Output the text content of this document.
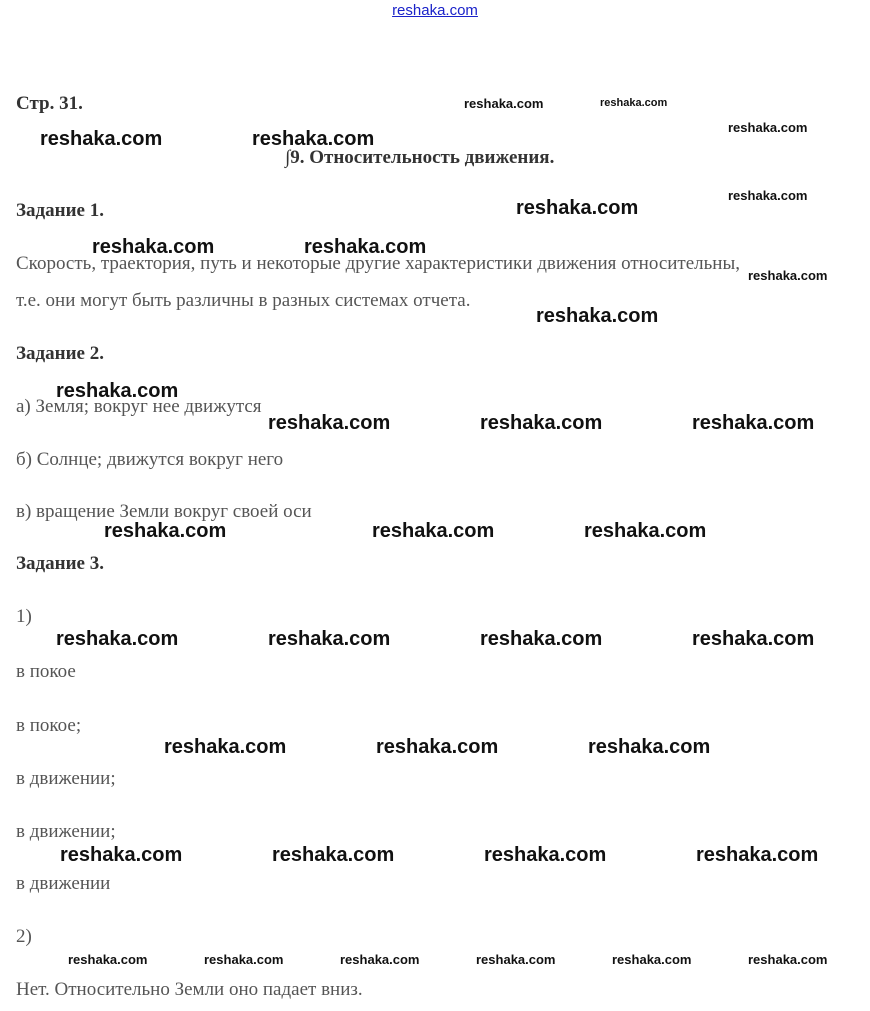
reshaka.com
Стр. 31.
∫9. Относительность движения.
Задание 1.
Скорость, траектория, путь и некоторые другие характеристики движения относительны,
т.е. они могут быть различны в разных системах отчета.
Задание 2.
а) Земля; вокруг нее движутся
б) Солнце; движутся вокруг него
в) вращение Земли вокруг своей оси
Задание 3.
1)
в покое
в покое;
в движении;
в движении;
в движении
2)
Нет. Относительно Земли оно падает вниз.
reshaka.com	reshaka.com
reshaka.com
reshaka.com	reshaka.com
reshaka.com
reshaka.com
reshaka.com	reshaka.com
reshaka.com
reshaka.com
reshaka.com
reshaka.com	reshaka.com	reshaka.com
reshaka.com	reshaka.com	reshaka.com
reshaka.com	reshaka.com	reshaka.com	reshaka.com
reshaka.com	reshaka.com	reshaka.com
reshaka.com	reshaka.com	reshaka.com	reshaka.com
reshaka.com	reshaka.com	reshaka.com	reshaka.com	reshaka.com	reshaka.com
